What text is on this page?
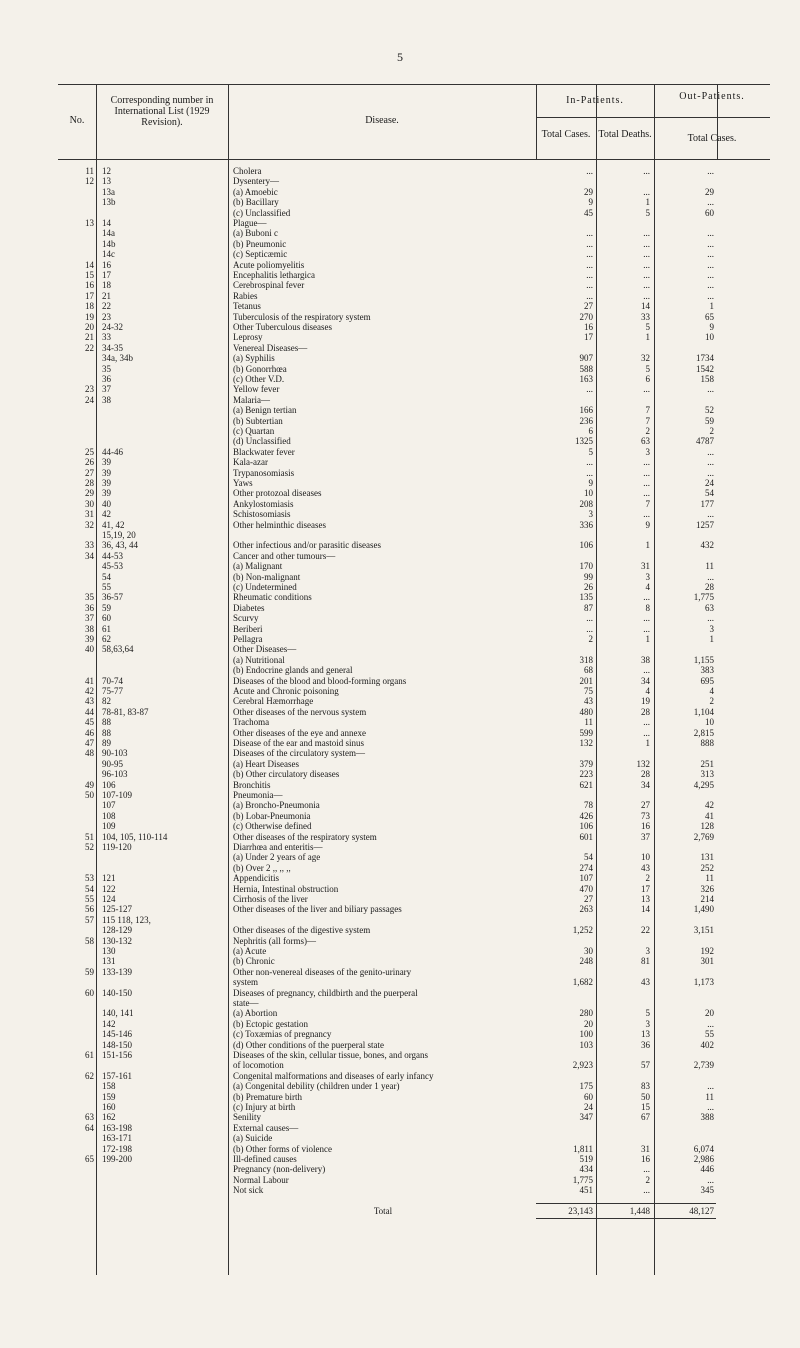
5
No.
Corresponding number in International List (1929 Revision).	Disease.
In-Patients.
Total Cases. Total Deaths.
Out-Patients.
Total Cases.
11 12	Cholera	...	...	...
12 13	Dysentery—
13a	(a) Amoebic	29	...	29
13b	(b) Bacillary	9	1	...
(c) Unclassified	45	5	60
13 14	Plague—
14a	(a) Buboni c	...	...	...
14b	(b) Pneumonic	...	...	...
14c	(c) Septicæmic	...	...	...
14 16	Acute poliomyelitis	...	...	...
15 17	Encephalitis lethargica	...	...	...
16 18	Cerebrospinal fever	...	...	...
17 21	Rabies	...	...	...
18 22	Tetanus	27	14	1
19 23	Tuberculosis of the respiratory system	270	33	65
20 24-32	Other Tuberculous diseases	16	5	9
21 33	Leprosy	17	1	10
22 34-35	Venereal Diseases—
34a, 34b	(a) Syphilis	907	32	1734
35	(b) Gonorrhœa	588	5	1542
36	(c) Other V.D.	163	6	158
23 37	Yellow fever	...	...	...
24 38	Malaria—
(a) Benign tertian	166	7	52
(b) Subtertian	236	7	59
(c) Quartan	6	2	2
(d) Unclassified	1325	63	4787
25 44-46	Blackwater fever	5	3	...
26 39	Kala-azar	...	...	...
27 39	Trypanosomiasis	...	...	...
28 39	Yaws	9	...	24
29 39	Other protozoal diseases	10	...	54
30 40	Ankylostomiasis	208	7	177
31 42	Schistosomiasis	3	...	...
32 41, 42	Other helminthic diseases	336	9	1257
15,19, 20
33 36, 43, 44	Other infectious and/or parasitic diseases	106	1	432
34 44-53	Cancer and other tumours—
45-53	(a) Malignant	170	31	11
54	(b) Non-malignant	99	3	...
55	(c) Undetermined	26	4	28
35 36-57	Rheumatic conditions	135	...	1,775
36 59	Diabetes	87	8	63
37 60	Scurvy	...	...	...
38 61	Beriberi	...	...	3
39 62	Pellagra	2	1	1
40 58,63,64	Other Diseases—
(a) Nutritional	318	38	1,155
(b) Endocrine glands and general	68	...	383
41 70-74	Diseases of the blood and blood-forming organs	201	34	695
42 75-77	Acute and Chronic poisoning	75	4	4
43 82	Cerebral Hæmorrhage	43	19	2
44 78-81, 83-87	Other diseases of the nervous system	480	28	1,104
45 88	Trachoma	11	...	10
46 88	Other diseases of the eye and annexe	599	...	2,815
47 89	Disease of the ear and mastoid sinus	132	1	888
48 90-103	Diseases of the circulatory system—
90-95	(a) Heart Diseases	379	132	251
96-103	(b) Other circulatory diseases	223	28	313
49 106	Bronchitis	621	34	4,295
50 107-109	Pneumonia—
107	(a) Broncho-Pneumonia	78	27	42
108	(b) Lobar-Pneumonia	426	73	41
109	(c) Otherwise defined	106	16	128
51 104, 105, 110-114	Other diseases of the respiratory system	601	37	2,769
52 119-120	Diarrhœa and enteritis—
(a) Under 2 years of age	54	10	131
(b) Over 2 ,, ,, ,,	274	43	252
53 121	Appendicitis	107	2	11
54 122	Hernia, Intestinal obstruction	470	17	326
55 124	Cirrhosis of the liver	27	13	214
56 125-127	Other diseases of the liver and biliary passages	263	14	1,490
57 115 118, 123,
128-129	Other diseases of the digestive system	1,252	22	3,151
58 130-132	Nephritis (all forms)—
130	(a) Acute	30	3	192
131	(b) Chronic	248	81	301
59 133-139	Other non-venereal diseases of the genito-urinary
system	1,682	43	1,173
60 140-150	Diseases of pregnancy, childbirth and the puerperal
state—
140, 141	(a) Abortion	280	5	20
142	(b) Ectopic gestation	20	3	...
145-146	(c) Toxæmias of pregnancy	100	13	55
148-150	(d) Other conditions of the puerperal state	103	36	402
61 151-156	Diseases of the skin, cellular tissue, bones, and organs
of locomotion	2,923	57	2,739
62 157-161	Congenital malformations and diseases of early infancy
158	(a) Congenital debility (children under 1 year)	175	83	...
159	(b) Premature birth	60	50	11
160	(c) Injury at birth	24	15	...
63 162	Senility	347	67	388
64 163-198	External causes—
163-171	(a) Suicide
172-198	(b) Other forms of violence	1,811	31	6,074
65 199-200	Ill-defined causes	519	16	2,986
Pregnancy (non-delivery)	434	...	446
Normal Labour	1,775	2	...
Not sick	451	...	345
Total	23,143	1,448	48,127
